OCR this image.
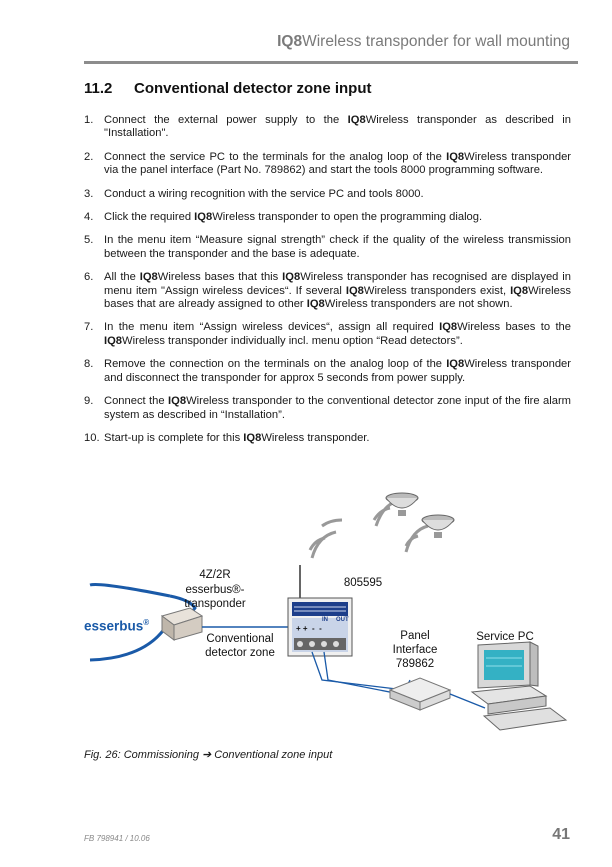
IQ8Wireless transponder for wall mounting
11.2 Conventional detector zone input
1. Connect the external power supply to the IQ8Wireless transponder as described in "Installation".
2. Connect the service PC to the terminals for the analog loop of the IQ8Wireless transponder via the panel interface (Part No. 789862) and start the tools 8000 programming software.
3. Conduct a wiring recognition with the service PC and tools 8000.
4. Click the required IQ8Wireless transponder to open the programming dialog.
5. In the menu item “Measure signal strength” check if the quality of the wireless transmission between the transponder and the base is adequate.
6. All the IQ8Wireless bases that this IQ8Wireless transponder has recognised are displayed in menu item "Assign wireless devices“. If several IQ8Wireless transponders exist, IQ8Wireless bases that are already assigned to other IQ8Wireless transponders are not shown.
7. In the menu item “Assign wireless devices“, assign all required IQ8Wireless bases to the IQ8Wireless transponder individually incl. menu option “Read detectors”.
8. Remove the connection on the terminals on the analog loop of the IQ8Wireless transponder and disconnect the transponder for approx 5 seconds from power supply.
9. Connect the IQ8Wireless transponder to the conventional detector zone input of the fire alarm system as described in “Installation”.
10. Start-up is complete for this IQ8Wireless transponder.
4Z/2R
esserbus®-
transponder
805595
Conventional
detector zone
Panel
Interface
789862
Service PC
esserbus®	IN OUT
+ +  -  -
Fig. 26: Commissioning ➔ Conventional zone input
FB 798941 / 10.06	41
